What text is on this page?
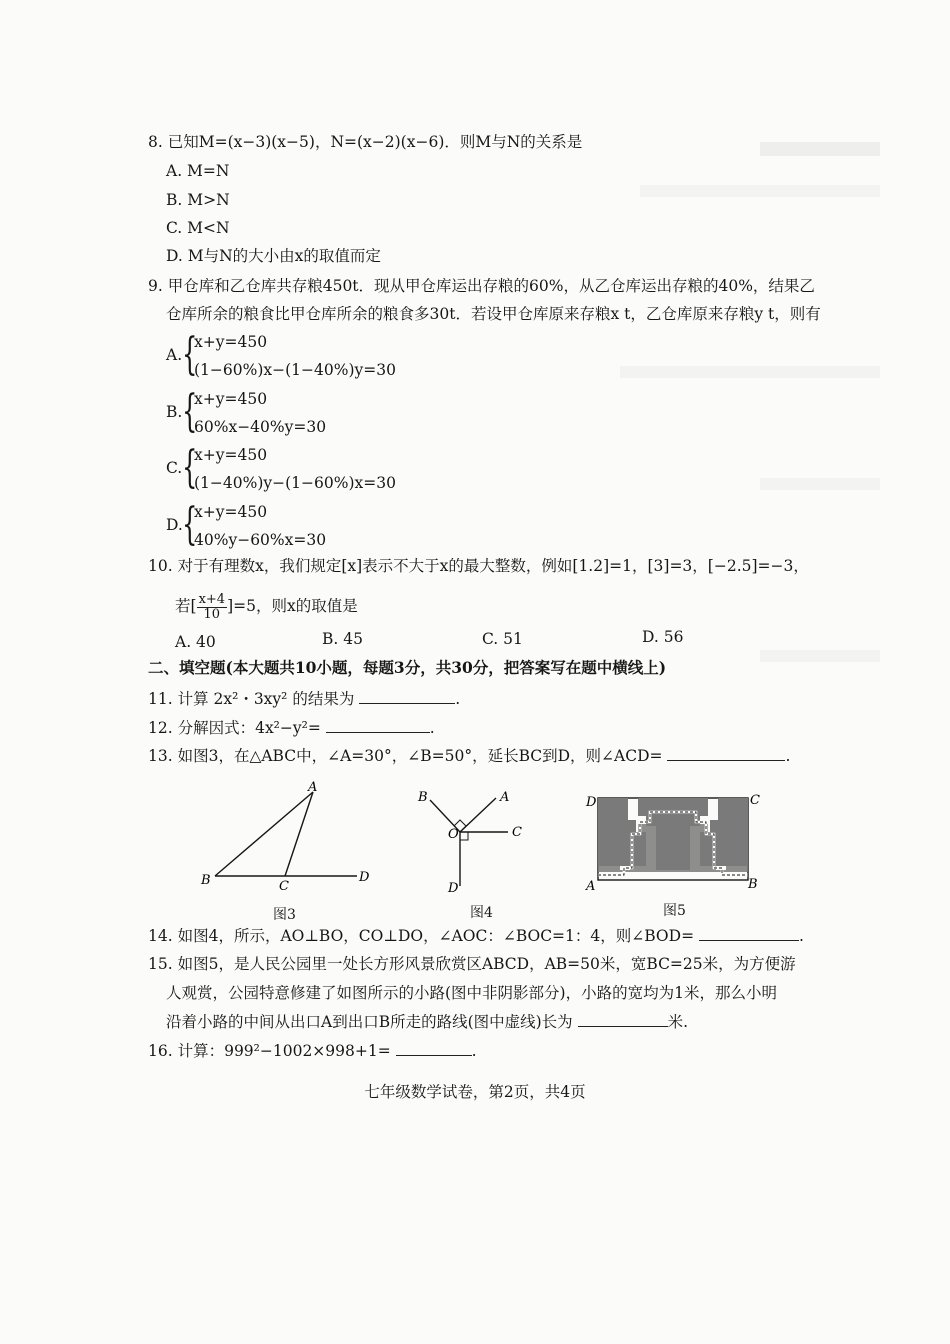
8. 已知M=(x−3)(x−5)，N=(x−2)(x−6)．则M与N的关系是
A. M=N
B. M>N
C. M<N
D. M与N的大小由x的取值而定
9. 甲仓库和乙仓库共存粮450t．现从甲仓库运出存粮的60%，从乙仓库运出存粮的40%，结果乙
仓库所余的粮食比甲仓库所余的粮食多30t．若设甲仓库原来存粮x t，乙仓库原来存粮y t，则有
A. {
x+y=450
(1−60%)x−(1−40%)y=30
B. {
x+y=450
60%x−40%y=30
C. {
x+y=450
(1−40%)y−(1−60%)x=30
D. {
x+y=450
40%y−60%x=30
10. 对于有理数x，我们规定[x]表示不大于x的最大整数，例如[1.2]=1，[3]=3，[−2.5]=−3，
若[ $\frac{x+4}{10} ]=5$，则x的取值是
A. 40	B. 45	C. 51	D. 56
二、填空题(本大题共10小题，每题3分，共30分，把答案写在题中横线上)
11. 计算 2x²・3xy² 的结果为	.
12. 分解因式：4x²−y²=	.
13. 如图3，在△ABC中，∠A=30°，∠B=50°，延长BC到D，则∠ACD=	.
A
B	C
D
图3
B	A
C
O
D
图4
D	C
A	B
图5
14. 如图4，所示，AO⊥BO，CO⊥DO，∠AOC：∠BOC=1：4，则∠BOD=	.
15. 如图5，是人民公园里一处长方形风景欣赏区ABCD，AB=50米，宽BC=25米，为方便游
人观赏，公园特意修建了如图所示的小路(图中非阴影部分)，小路的宽均为1米，那么小明
沿着小路的中间从出口A到出口B所走的路线(图中虚线)长为	米.
16. 计算：999²−1002×998+1=	.
七年级数学试卷，第2页，共4页
